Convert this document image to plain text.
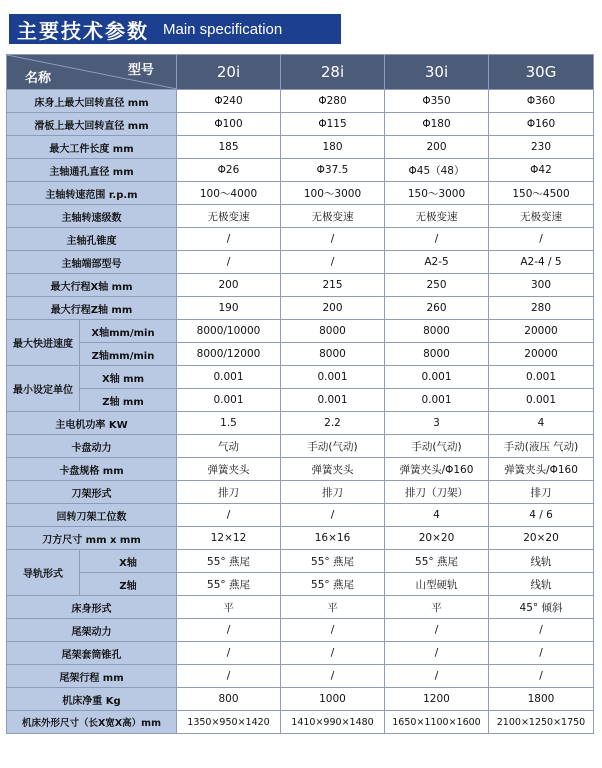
主要技术参数 Main specification
型号
名称		20i	28i	30i	30G
床身上最大回转直径 mm		Φ240	Φ280	Φ350	Φ360
滑板上最大回转直径 mm		Φ100	Φ115	Φ180	Φ160
最大工件长度 mm		185	180	200	230
主轴通孔直径 mm		Φ26	Φ37.5	Φ45（48）	Φ42
主轴转速范围 r.p.m		100～4000	100～3000	150～3000	150～4500
主轴转速级数		无极变速	无极变速	无极变速	无极变速
主轴孔锥度		/	/	/	/
主轴端部型号		/	/	A2-5	A2-4 / 5
最大行程X轴 mm		200	215	250	300
最大行程Z轴 mm		190	200	260	280
最大快进速度	X轴mm/min	8000/10000	8000	8000	20000
	Z轴mm/min	8000/12000	8000	8000	20000
最小设定单位	X轴 mm	0.001	0.001	0.001	0.001
	Z轴 mm	0.001	0.001	0.001	0.001
主电机功率 KW		1.5	2.2	3	4
卡盘动力		气动	手动(气动)	手动(气动)	手动(液压 气动)
卡盘规格 mm		弹簧夹头	弹簧夹头	弹簧夹头/Φ160	弹簧夹头/Φ160
刀架形式		排刀	排刀	排刀（刀架）	排刀
回转刀架工位数		/	/	4	4 / 6
刀方尺寸 mm x mm		12×12	16×16	20×20	20×20
导轨形式	X轴	55° 燕尾	55° 燕尾	55° 燕尾	线轨
	Z轴	55° 燕尾	55° 燕尾	山型硬轨	线轨
床身形式		平	平	平	45° 倾斜
尾架动力		/	/	/	/
尾架套筒锥孔		/	/	/	/
尾架行程 mm		/	/	/	/
机床净重 Kg		800	1000	1200	1800
机床外形尺寸（长X宽X高）mm		1350×950×1420	1410×990×1480	1650×1100×1600	2100×1250×1750
